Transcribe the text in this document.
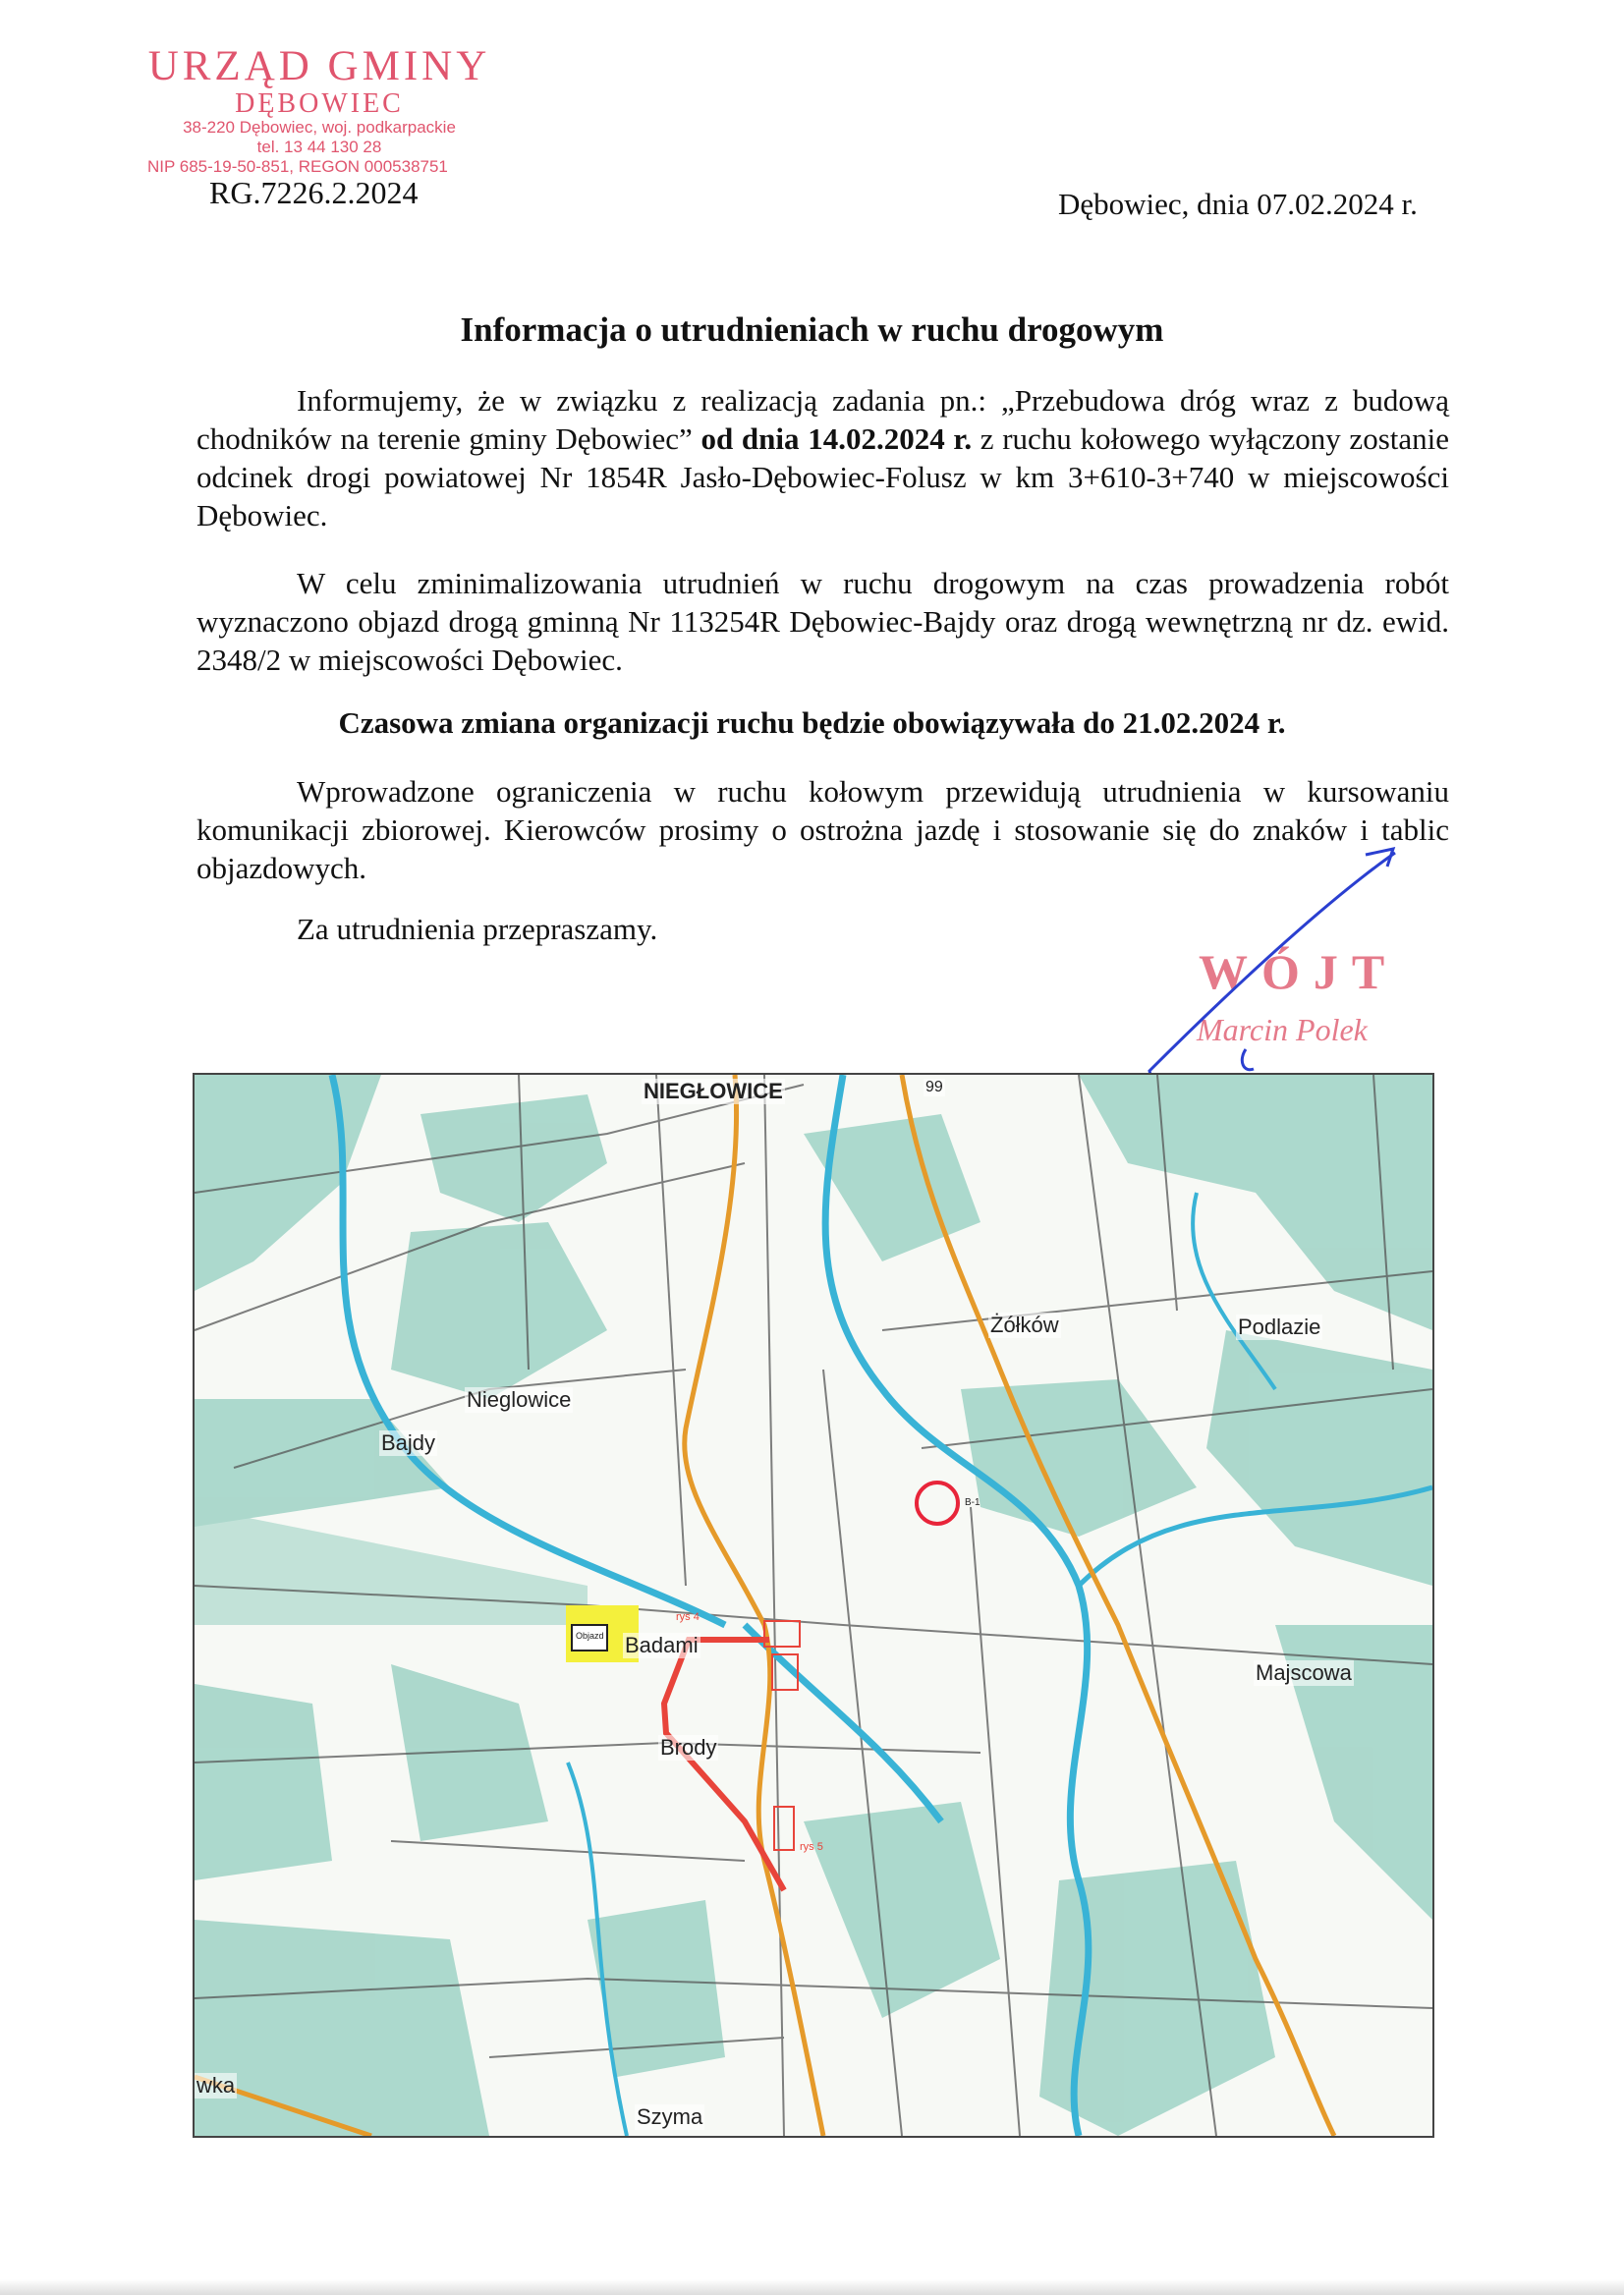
URZĄD GMINY
DĘBOWIEC
38-220 Dębowiec, woj. podkarpackie
tel. 13 44 130 28
NIP 685-19-50-851, REGON 000538751
RG.7226.2.2024	Dębowiec, dnia 07.02.2024 r.
Informacja o utrudnieniach w ruchu drogowym

Informujemy, że w związku z realizacją zadania pn.: „Przebudowa dróg wraz z budową chodników na terenie gminy Dębowiec” od dnia 14.02.2024 r. z ruchu kołowego wyłączony zostanie odcinek drogi powiatowej Nr 1854R Jasło-Dębowiec-Folusz w km 3+610-3+740 w miejscowości Dębowiec.

W celu zminimalizowania utrudnień w ruchu drogowym na czas prowadzenia robót wyznaczono objazd drogą gminną Nr 113254R Dębowiec-Bajdy oraz drogą wewnętrzną nr dz. ewid. 2348/2 w miejscowości Dębowiec.

Czasowa zmiana organizacji ruchu będzie obowiązywała do 21.02.2024 r.

Wprowadzone ograniczenia w ruchu kołowym przewidują utrudnienia w kursowaniu komunikacji zbiorowej. Kierowców prosimy o ostrożna jazdę i stosowanie się do znaków i tablic objazdowych.

Za utrudnienia przepraszamy.
WÓJT
Marcin Polek
NIEGŁOWICE
Nieglowice
Bajdy
Żółków	Podlazie
Majscowa
Badami
Brody
Szyma
wka
99
B-1
Objazd
rys 4
rys 5
